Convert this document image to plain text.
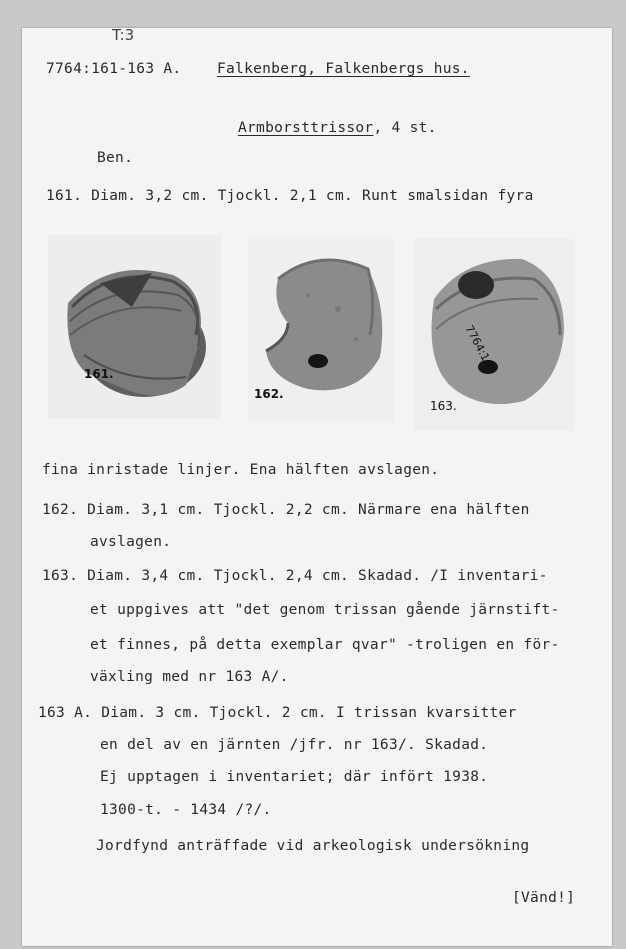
T:3
7764:161-163 A. Falkenberg, Falkenbergs hus.
Armborsttrissor, 4 st.
Ben.
161. Diam. 3,2 cm. Tjockl. 2,1 cm. Runt smalsidan fyra
161.
162.
7764:163
163.
fina inristade linjer. Ena hälften avslagen.
162. Diam. 3,1 cm. Tjockl. 2,2 cm. Närmare ena hälften
avslagen.
163. Diam. 3,4 cm. Tjockl. 2,4 cm. Skadad. /I inventari-
et uppgives att "det genom trissan gående järnstift-
et finnes, på detta exemplar qvar" -troligen en för-
växling med nr 163 A/.
163 A. Diam. 3 cm. Tjockl. 2 cm. I trissan kvarsitter
en del av en järnten /jfr. nr 163/. Skadad.
Ej upptagen i inventariet; där infört 1938.
1300-t. - 1434 /?/.
Jordfynd anträffade vid arkeologisk undersökning
[Vänd!]
